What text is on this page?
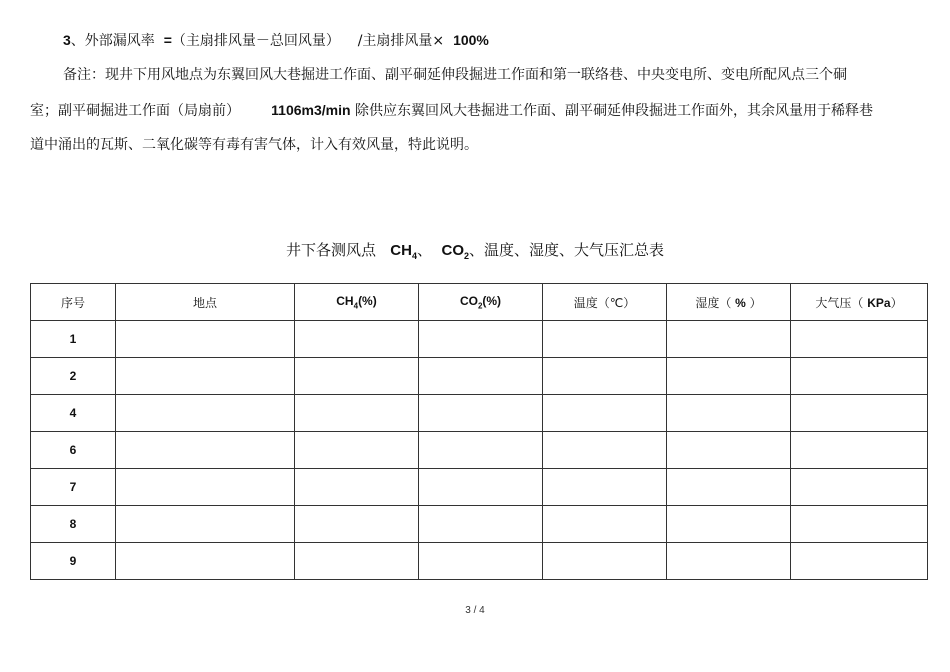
3、外部漏风率 =（主扇排风量－总回风量） /主扇排风量× 100%
备注：现井下用风地点为东翼回风大巷掘进工作面、副平硐延伸段掘进工作面和第一联络巷、中央变电所、变电所配风点三个硐
室；副平硐掘进工作面（局扇前） 1106m3/min 除供应东翼回风大巷掘进工作面、副平硐延伸段掘进工作面外，其余风量用于稀释巷
道中涌出的瓦斯、二氧化碳等有毒有害气体，计入有效风量，特此说明。
井下各测风点 $CH_4$、 $CO_2$、温度、湿度、大气压汇总表
序号	地点	$CH_4(\%)$	$CO_2(\%)$	温度（℃）	湿度（ % ）	大气压（ KPa）
1						
2						
4						
6						
7						
8						
9						
3 / 4
